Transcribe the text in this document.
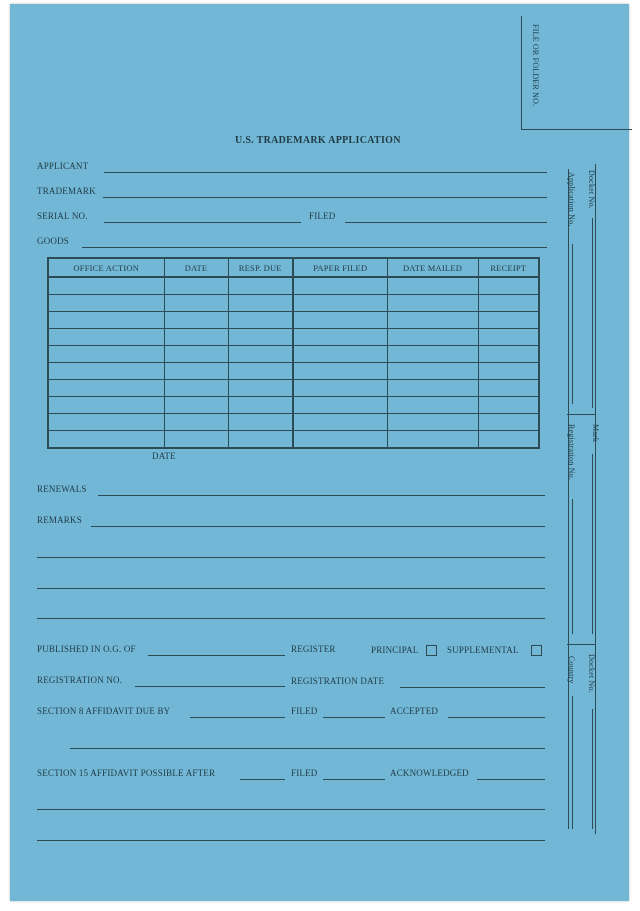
FILE OR FOLDER NO.
U.S. TRADEMARK APPLICATION
APPLICANT
TRADEMARK
SERIAL NO.	FILED
GOODS
OFFICE ACTION	DATE	RESP. DUE	PAPER FILED	DATE MAILED	RECEIPT

DATE
RENEWALS
REMARKS
PUBLISHED IN O.G. OF	REGISTER	PRINCIPAL	SUPPLEMENTAL
REGISTRATION NO.	REGISTRATION DATE
SECTION 8 AFFIDAVIT DUE BY	FILED	ACCEPTED
SECTION 15 AFFIDAVIT POSSIBLE AFTER	FILED	ACKNOWLEDGED
Docket No.
Application No.
Mark
Registration No.
Docket No.
Country
